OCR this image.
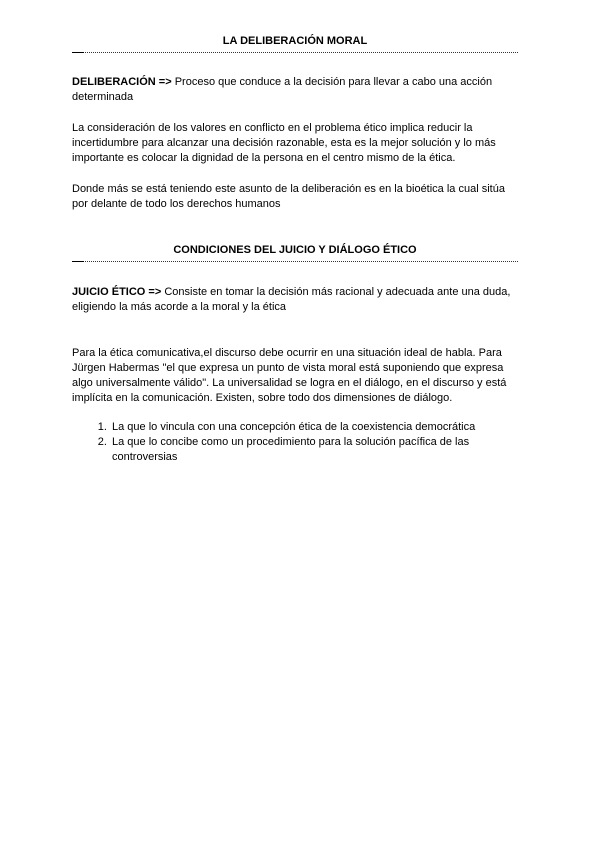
LA DELIBERACIÓN MORAL

DELIBERACIÓN => Proceso que conduce a la decisión para llevar a cabo una acción determinada

La consideración de los valores en conflicto en el problema ético implica reducir la incertidumbre para alcanzar una decisión razonable, esta es la mejor solución y lo más importante es colocar la dignidad de la persona en el centro mismo de la ética.

Donde más se está teniendo este asunto de la deliberación es en la bioética la cual sitúa por delante de todo los derechos humanos

CONDICIONES DEL JUICIO Y DIÁLOGO ÉTICO

JUICIO ÉTICO => Consiste en tomar la decisión más racional y adecuada ante una duda, eligiendo la más acorde a la moral y la ética

Para la ética comunicativa,el discurso debe ocurrir en una situación ideal de habla. Para Jürgen Habermas "el que expresa un punto de vista moral está suponiendo que expresa algo universalmente válido". La universalidad se logra en el diálogo, en el discurso y está implícita en la comunicación. Existen, sobre todo dos dimensiones de diálogo.

1. La que lo vincula con una concepción ética de la coexistencia democrática
2. La que lo concibe como un procedimiento para la solución pacífica de las controversias
